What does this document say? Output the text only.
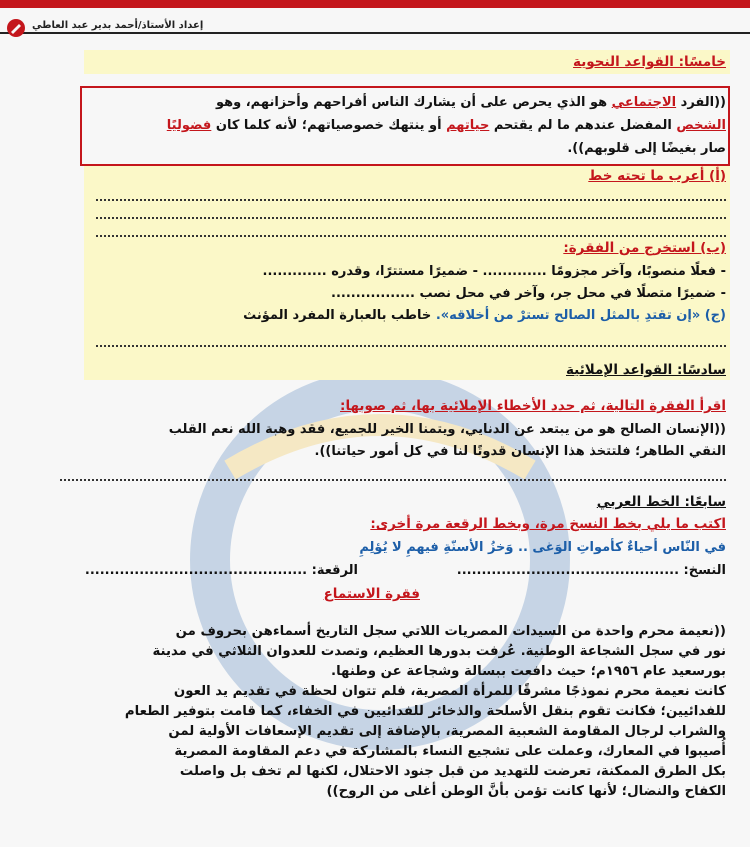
إعداد الأستاذ/أحمد بدير عبد العاطي
خامسًا: القواعد النحوية
((الفرد الاجتماعي هو الذي يحرص على أن يشارك الناس أفراحهم وأحزانهم، وهو
الشخص المفضل عندهم ما لم يقتحم حياتهم أو ينتهك خصوصياتهم؛ لأنه كلما كان فضوليًا
صار بغيضًا إلى قلوبهم)).
(أ) أعرب ما تحته خط
(ب) استخرج من الفقرة:
- فعلًا منصوبًا، وآخر مجزومًا ............. - ضميرًا مستترًا، وقدره .............
- ضميرًا متصلًا في محل جر، وآخر في محل نصب .................
(ج) «إن تقتدِ بالمثل الصالح تسترْ من أخلاقه». خاطب بالعبارة المفرد المؤنث
سادسًا: القواعد الإملائية
اقرأ الفقرة التالية، ثم حدد الأخطاء الإملائية بها، ثم صوبها:
((الإنسان الصالح هو من يبتعد عن الدنايي، ويتمنا الخير للجميع، فقد وهبة الله نعم القلب
النقي الطاهر؛ فلتتخذ هذا الإنسان قدوتًا لنا في كل أمور حياتنا)).
سابعًا: الخط العربي
اكتب ما يلي بخط النسخ مرة، وبخط الرقعة مرة أخرى:
في النّاس أحياءٌ كأمواتِ الوَغى .. وَخزُ الأسنّةِ فيهمِ لا يُؤلِمِ
النسخ: .............................................
الرقعة: .............................................
فقرة الاستماع
((نعيمة محرم واحدة من السيدات المصريات اللاتي سجل التاريخ أسماءهن بحروف من
نور في سجل الشجاعة الوطنية. عُرفت بدورها العظيم، وتصدت للعدوان الثلاثي في مدينة
بورسعيد عام ١٩٥٦م؛ حيث دافعت ببسالة وشجاعة عن وطنها.
كانت نعيمة محرم نموذجًا مشرقًا للمرأة المصرية، فلم تتوان لحظة في تقديم يد العون
للفدائيين؛ فكانت تقوم بنقل الأسلحة والذخائر للفدائيين في الخفاء، كما قامت بتوفير الطعام
والشراب لرجال المقاومة الشعبية المصرية، بالإضافة إلى تقديم الإسعافات الأولية لمن
أُصيبوا في المعارك، وعملت على تشجيع النساء بالمشاركة في دعم المقاومة المصرية
بكل الطرق الممكنة، تعرضت للتهديد من قبل جنود الاحتلال، لكنها لم تخف بل واصلت
الكفاح والنضال؛ لأنها كانت تؤمن بأنَّ الوطن أغلى من الروح))
